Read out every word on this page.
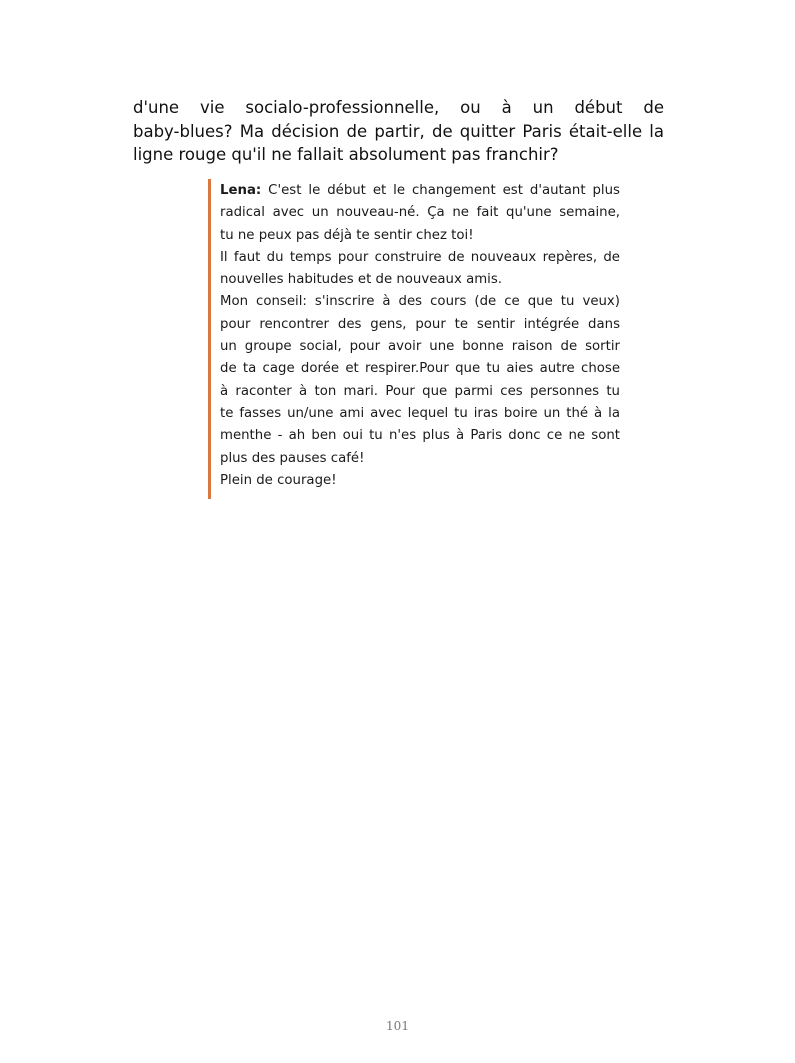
d'une vie socialo-professionnelle, ou à un début de
baby-blues? Ma décision de partir, de quitter Paris était-elle la
ligne rouge qu'il ne fallait absolument pas franchir?

Lena: C'est le début et le changement est d'autant plus
radical avec un nouveau-né. Ça ne fait qu'une semaine,
tu ne peux pas déjà te sentir chez toi!
Il faut du temps pour construire de nouveaux repères, de
nouvelles habitudes et de nouveaux amis.
Mon conseil: s'inscrire à des cours (de ce que tu veux)
pour rencontrer des gens, pour te sentir intégrée dans
un groupe social, pour avoir une bonne raison de sortir
de ta cage dorée et respirer.Pour que tu aies autre chose
à raconter à ton mari. Pour que parmi ces personnes tu
te fasses un/une ami avec lequel tu iras boire un thé à la
menthe - ah ben oui tu n'es plus à Paris donc ce ne sont
plus des pauses café!
Plein de courage!

101
